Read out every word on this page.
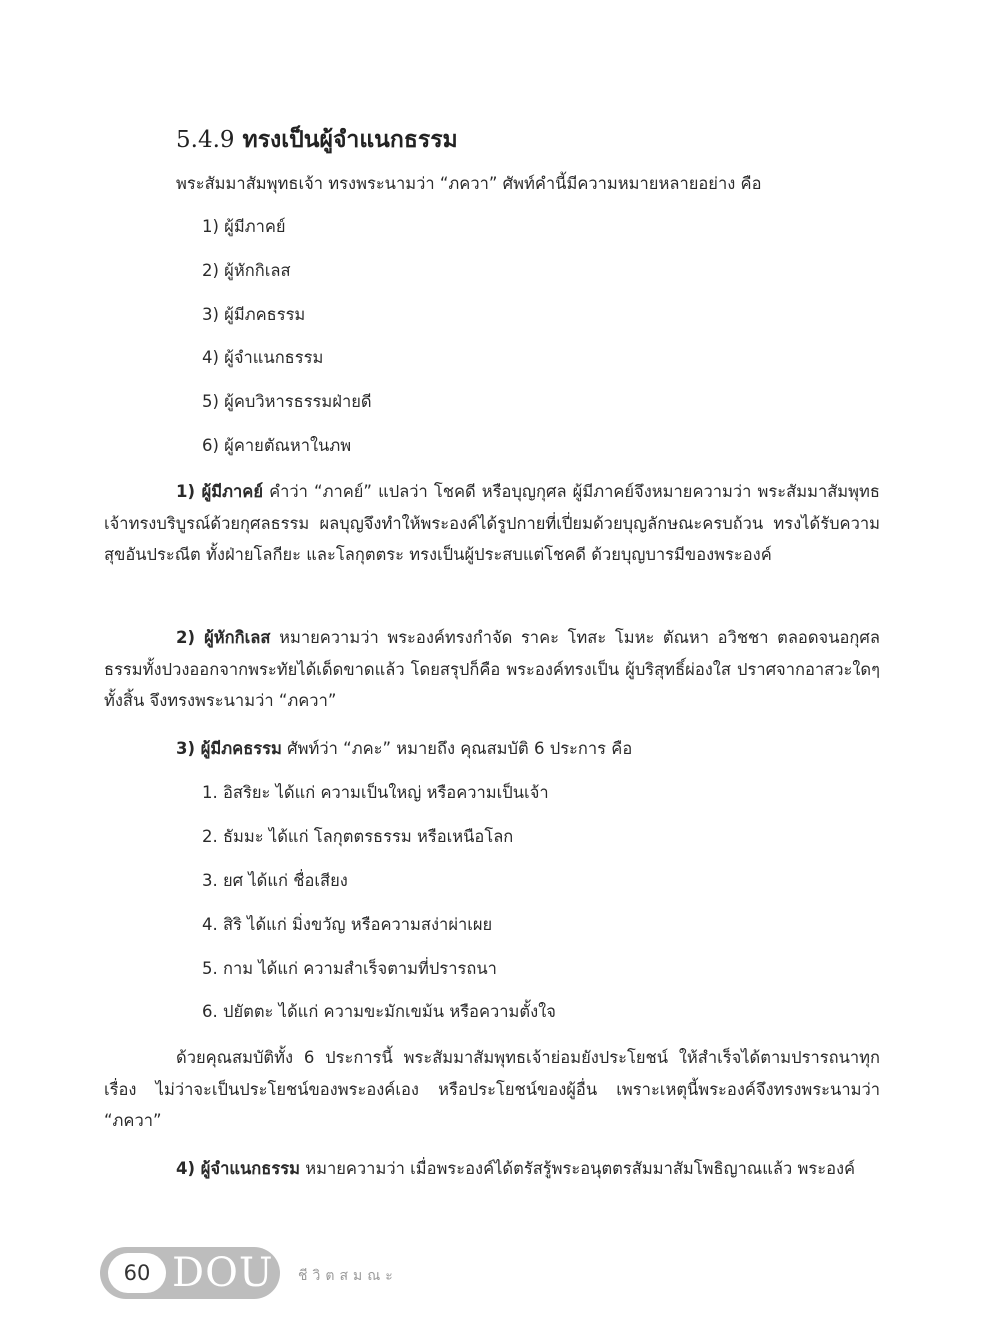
5.4.9 ทรงเป็นผู้จำแนกธรรม

พระสัมมาสัมพุทธเจ้า ทรงพระนามว่า “ภควา” ศัพท์คำนี้มีความหมายหลายอย่าง คือ

1) ผู้มีภาคย์

2) ผู้หักกิเลส

3) ผู้มีภคธรรม

4) ผู้จำแนกธรรม

5) ผู้คบวิหารธรรมฝ่ายดี

6) ผู้คายตัณหาในภพ

1) ผู้มีภาคย์ คำว่า “ภาคย์” แปลว่า โชคดี หรือบุญกุศล ผู้มีภาคย์จึงหมายความว่า พระสัมมาสัมพุทธเจ้าทรงบริบูรณ์ด้วยกุศลธรรม ผลบุญจึงทำให้พระองค์ได้รูปกายที่เปี่ยมด้วยบุญลักษณะครบถ้วน ทรงได้รับความสุขอันประณีต ทั้งฝ่ายโลกียะ และโลกุตตระ ทรงเป็นผู้ประสบแต่โชคดี ด้วยบุญบารมีของพระองค์

2) ผู้หักกิเลส หมายความว่า พระองค์ทรงกำจัด ราคะ โทสะ โมหะ ตัณหา อวิชชา ตลอดจนอกุศลธรรมทั้งปวงออกจากพระทัยได้เด็ดขาดแล้ว โดยสรุปก็คือ พระองค์ทรงเป็น ผู้บริสุทธิ์ผ่องใส ปราศจากอาสวะใดๆ ทั้งสิ้น จึงทรงพระนามว่า “ภควา”

3) ผู้มีภคธรรม ศัพท์ว่า “ภคะ” หมายถึง คุณสมบัติ 6 ประการ คือ

1. อิสริยะ ได้แก่ ความเป็นใหญ่ หรือความเป็นเจ้า

2. ธัมมะ ได้แก่ โลกุตตรธรรม หรือเหนือโลก

3. ยศ ได้แก่ ชื่อเสียง

4. สิริ ได้แก่ มิ่งขวัญ หรือความสง่าผ่าเผย

5. กาม ได้แก่ ความสำเร็จตามที่ปรารถนา

6. ปยัตตะ ได้แก่ ความขะมักเขม้น หรือความตั้งใจ

ด้วยคุณสมบัติทั้ง 6 ประการนี้ พระสัมมาสัมพุทธเจ้าย่อมยังประโยชน์ ให้สำเร็จได้ตามปรารถนาทุกเรื่อง ไม่ว่าจะเป็นประโยชน์ของพระองค์เอง หรือประโยชน์ของผู้อื่น เพราะเหตุนี้พระองค์จึงทรงพระนามว่า “ภควา”

4) ผู้จำแนกธรรม หมายความว่า เมื่อพระองค์ได้ตรัสรู้พระอนุตตรสัมมาสัมโพธิญาณแล้ว พระองค์

60 DOU ชีวิตสมณะ
